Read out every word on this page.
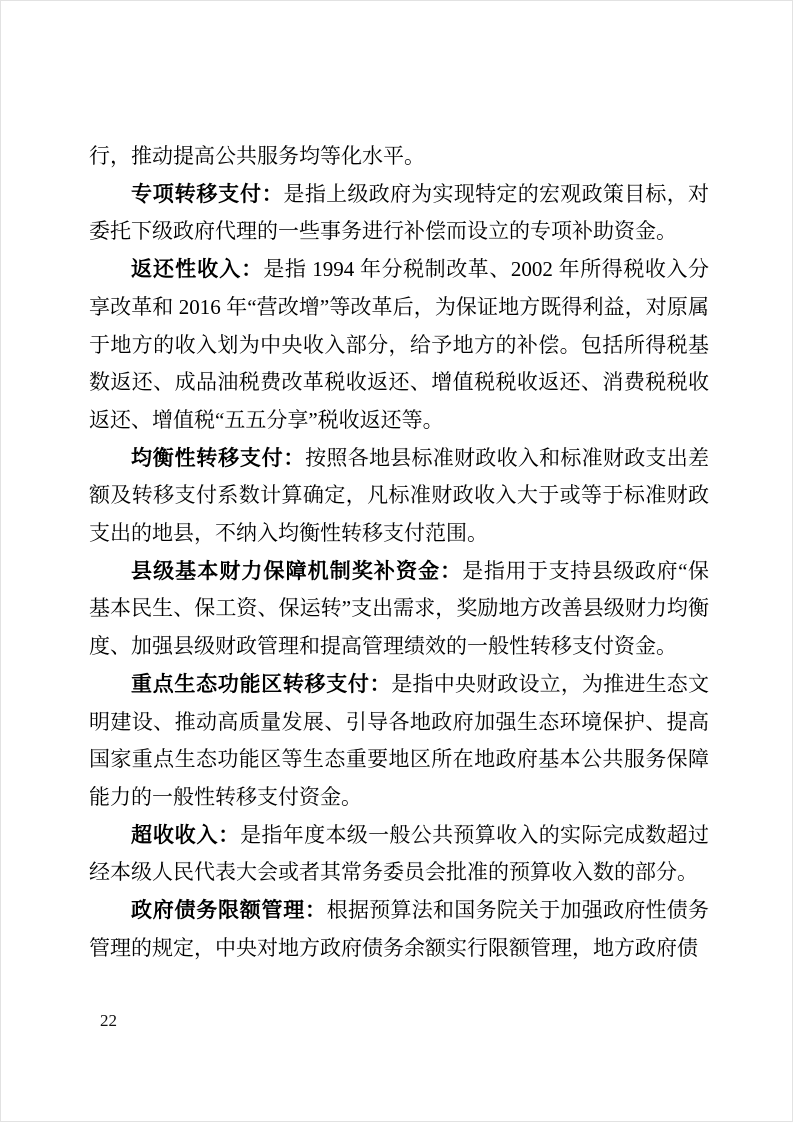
行，推动提高公共服务均等化水平。

专项转移支付：是指上级政府为实现特定的宏观政策目标，对委托下级政府代理的一些事务进行补偿而设立的专项补助资金。

返还性收入：是指 1994 年分税制改革、2002 年所得税收入分享改革和 2016 年“营改增”等改革后，为保证地方既得利益，对原属于地方的收入划为中央收入部分，给予地方的补偿。包括所得税基数返还、成品油税费改革税收返还、增值税税收返还、消费税税收返还、增值税“五五分享”税收返还等。

均衡性转移支付：按照各地县标准财政收入和标准财政支出差额及转移支付系数计算确定，凡标准财政收入大于或等于标准财政支出的地县，不纳入均衡性转移支付范围。

县级基本财力保障机制奖补资金：是指用于支持县级政府“保基本民生、保工资、保运转”支出需求，奖励地方改善县级财力均衡度、加强县级财政管理和提高管理绩效的一般性转移支付资金。

重点生态功能区转移支付：是指中央财政设立，为推进生态文明建设、推动高质量发展、引导各地政府加强生态环境保护、提高国家重点生态功能区等生态重要地区所在地政府基本公共服务保障能力的一般性转移支付资金。

超收收入：是指年度本级一般公共预算收入的实际完成数超过经本级人民代表大会或者其常务委员会批准的预算收入数的部分。

政府债务限额管理：根据预算法和国务院关于加强政府性债务管理的规定，中央对地方政府债务余额实行限额管理，地方政府债

22
